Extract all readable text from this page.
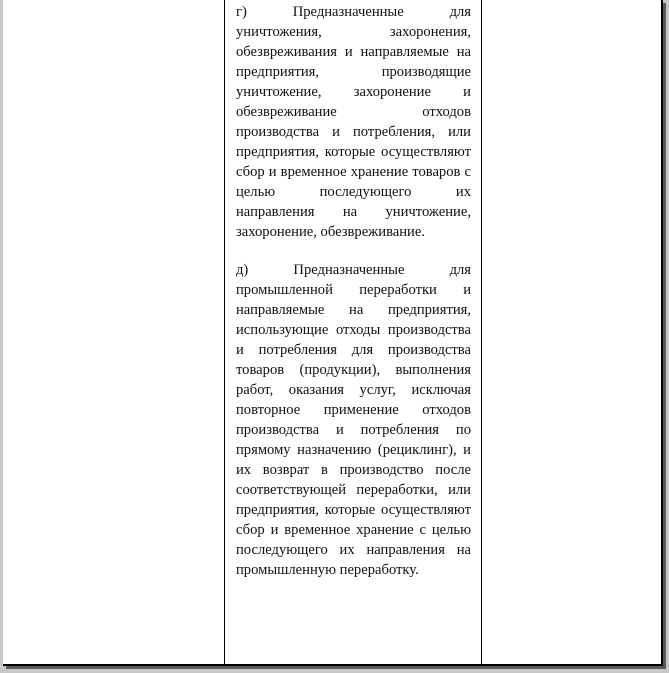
г) Предназначенные для уничтожения, захоронения, обезвреживания и направляемые на предприятия, производящие уничтожение, захоронение и обезвреживание отходов производства и потребления, или предприятия, которые осуществляют сбор и временное хранение товаров с целью последующего их направления на уничтожение, захоронение, обезвреживание.

д) Предназначенные для промышленной переработки и направляемые на предприятия, использующие отходы производства и потребления для производства товаров (продукции), выполнения работ, оказания услуг, исключая повторное применение отходов производства и потребления по прямому назначению (рециклинг), и их возврат в производство после соответствующей переработки, или предприятия, которые осуществляют сбор и временное хранение с целью последующего их направления на промышленную переработку.
